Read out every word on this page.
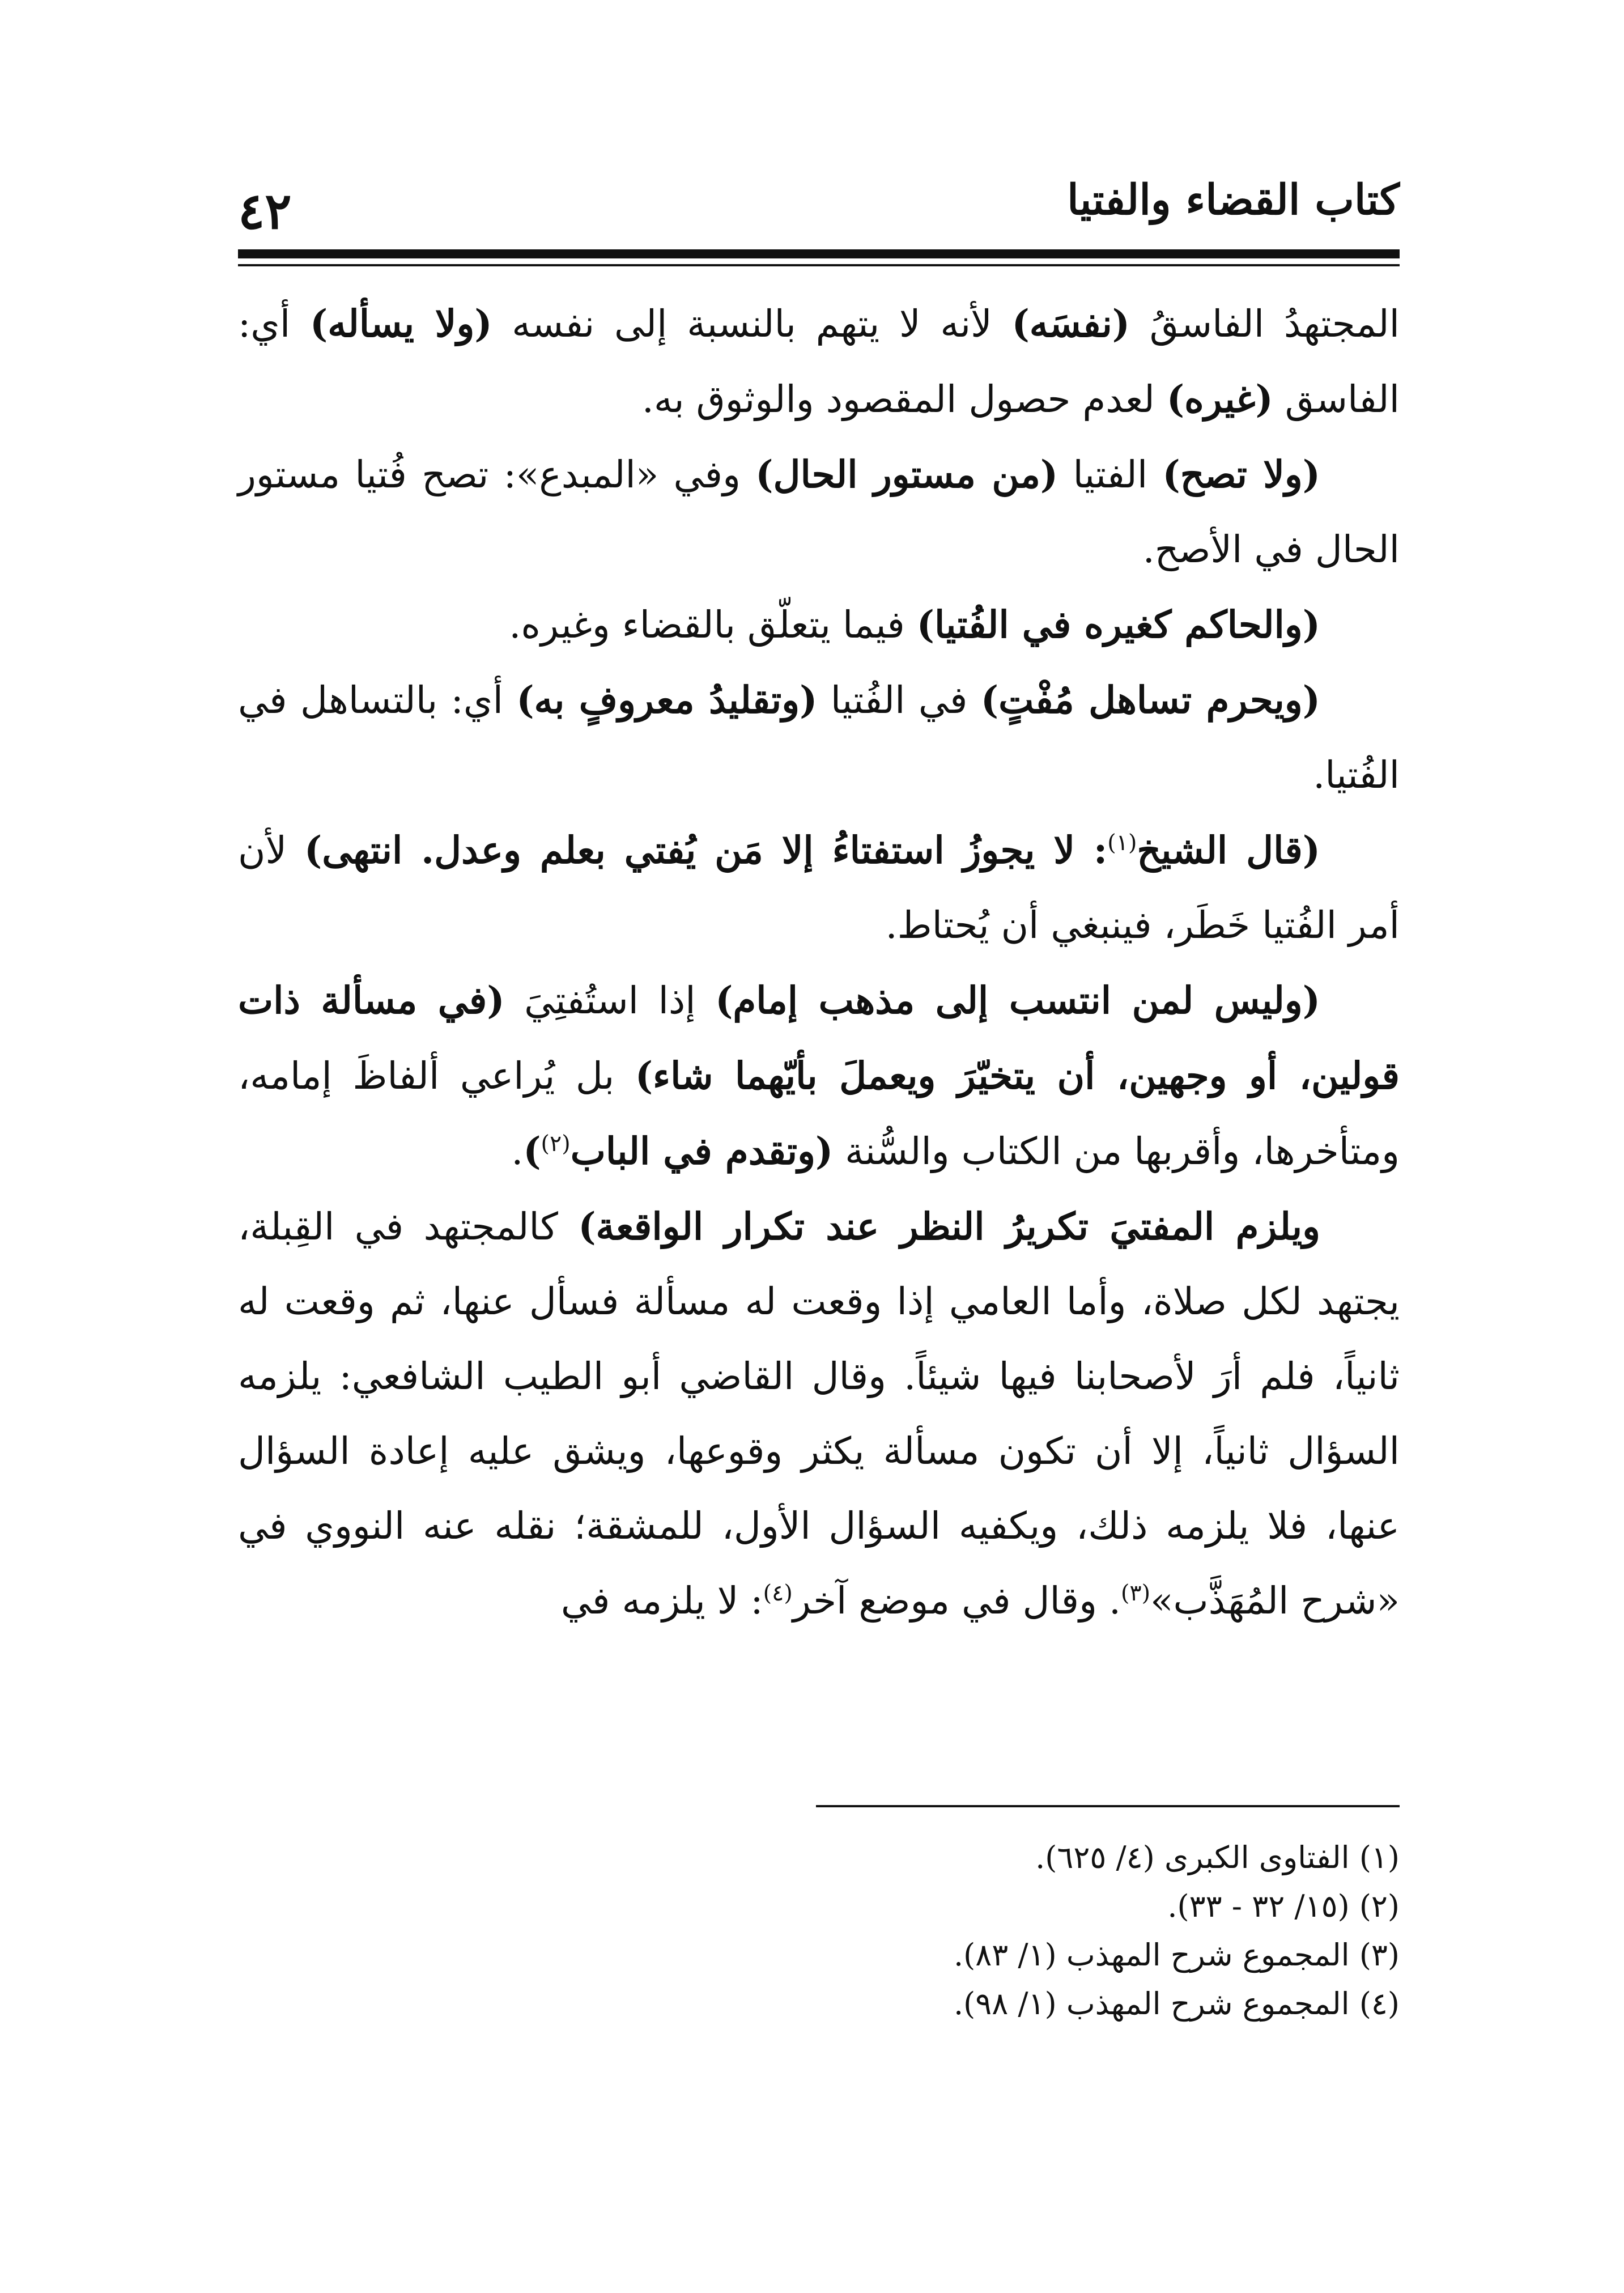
٤٢	كتاب القضاء والفتيا

المجتهدُ الفاسقُ (نفسَه) لأنه لا يتهم بالنسبة إلى نفسه (ولا يسأله) أي: الفاسق (غيره) لعدم حصول المقصود والوثوق به.

(ولا تصح) الفتيا (من مستور الحال) وفي «المبدع»: تصح فُتيا مستور الحال في الأصح.

(والحاكم كغيره في الفُتيا) فيما يتعلّق بالقضاء وغيره.

(ويحرم تساهل مُفْتٍ) في الفُتيا (وتقليدُ معروفٍ به) أي: بالتساهل في الفُتيا.

(قال الشيخ$^{(١)}$: لا يجوزُ استفتاءُ إلا مَن يُفتي بعلم وعدل. انتهى) لأن أمر الفُتيا خَطَر، فينبغي أن يُحتاط.

(وليس لمن انتسب إلى مذهب إمام) إذا استُفتِيَ (في مسألة ذات قولين، أو وجهين، أن يتخيّرَ ويعملَ بأيّهما شاء) بل يُراعي ألفاظَ إمامه، ومتأخرها، وأقربها من الكتاب والسُّنة (وتقدم في الباب$^{(٢)}$).

ويلزم المفتيَ تكريرُ النظر عند تكرار الواقعة) كالمجتهد في القِبلة، يجتهد لكل صلاة، وأما العامي إذا وقعت له مسألة فسأل عنها، ثم وقعت له ثانياً، فلم أرَ لأصحابنا فيها شيئاً. وقال القاضي أبو الطيب الشافعي: يلزمه السؤال ثانياً، إلا أن تكون مسألة يكثر وقوعها، ويشق عليه إعادة السؤال عنها، فلا يلزمه ذلك، ويكفيه السؤال الأول، للمشقة؛ نقله عنه النووي في «شرح المُهَذَّب»$^{(٣)}$. وقال في موضع آخر$^{(٤)}$: لا يلزمه في

(١) الفتاوى الكبرى (٤/ ٦٢٥).
(٢) (١٥/ ٣٢ - ٣٣).
(٣) المجموع شرح المهذب (١/ ٨٣).
(٤) المجموع شرح المهذب (١/ ٩٨).
